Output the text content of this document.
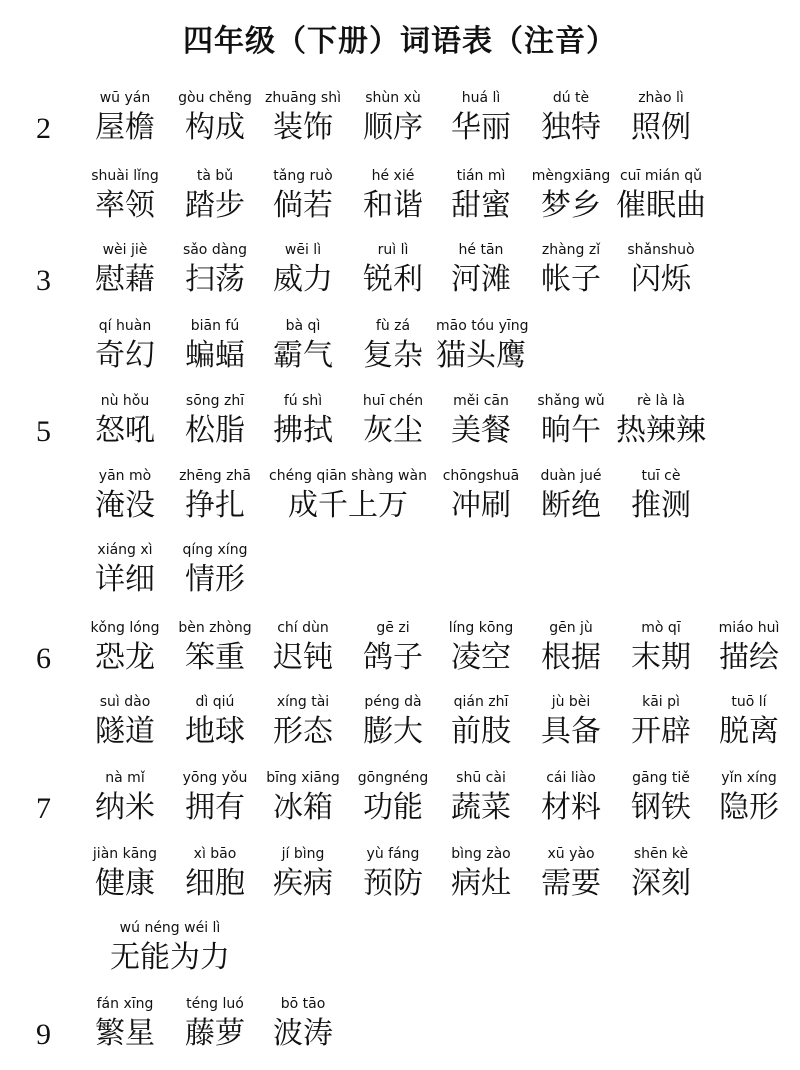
四年级（下册）词语表（注音）
2
wū yán
屋檐
gòu chěng
构成
zhuāng shì
装饰
shùn xù
顺序
huá lì
华丽
dú tè
独特
zhào lì
照例
shuài lǐng
率领
tà bǔ
踏步
tǎng ruò
倘若
hé xié
和谐
tián mì
甜蜜
mèngxiāng
梦乡
cuī mián qǔ
催眠曲
3
wèi jiè
慰藉
sǎo dàng
扫荡
wēi lì
威力
ruì lì
锐利
hé tān
河滩
zhàng zǐ
帐子
shǎnshuò
闪烁
qí huàn
奇幻
biān fú
蝙蝠
bà qì
霸气
fù zá
复杂
māo tóu yīng
猫头鹰
5
nù hǒu
怒吼
sōng zhī
松脂
fú shì
拂拭
huī chén
灰尘
měi cān
美餐
shǎng wǔ
晌午
rè là là
热辣辣
yān mò
淹没
zhēng zhā
挣扎
chéng qiān shàng wàn
成千上万
chōngshuā
冲刷
duàn jué
断绝
tuī cè
推测
xiáng xì
详细
qíng xíng
情形
6
kǒng lóng
恐龙
bèn zhòng
笨重
chí dùn
迟钝
gē zi
鸽子
líng kōng
凌空
gēn jù
根据
mò qī
末期
miáo huì
描绘
suì dào
隧道
dì qiú
地球
xíng tài
形态
péng dà
膨大
qián zhī
前肢
jù bèi
具备
kāi pì
开辟
tuō lí
脱离
7
nà mǐ
纳米
yōng yǒu
拥有
bīng xiāng
冰箱
gōngnéng
功能
shū cài
蔬菜
cái liào
材料
gāng tiě
钢铁
yǐn xíng
隐形
jiàn kāng
健康
xì bāo
细胞
jí bìng
疾病
yù fáng
预防
bìng zào
病灶
xū yào
需要
shēn kè
深刻
wú néng wéi lì
无能为力
9
fán xīng
繁星
téng luó
藤萝
bō tāo
波涛
